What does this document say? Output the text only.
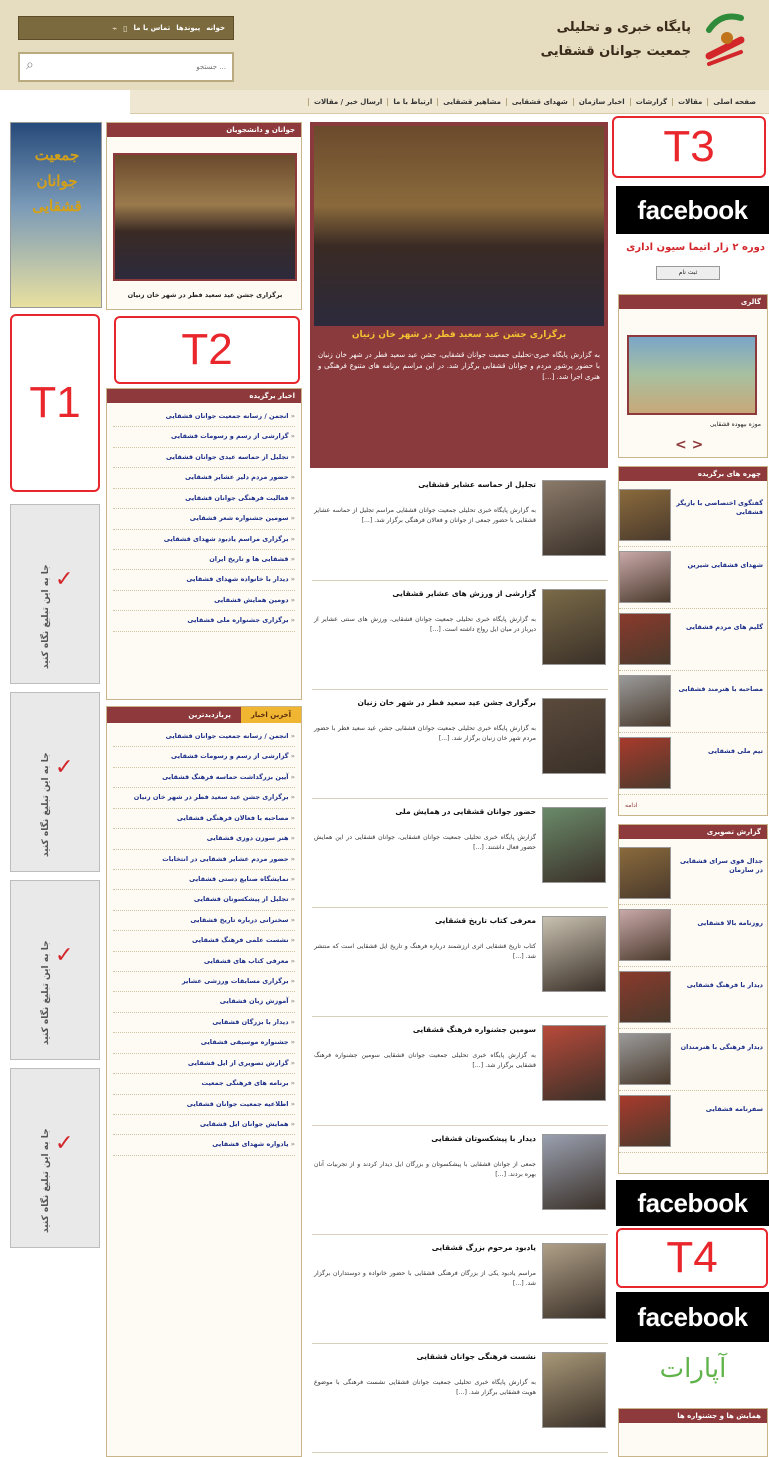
پایگاه خبری و تحلیلی
جمعیت جوانان قشقایی
خوانه
پیوندها
تماس با ما
▯
⌁
⌕
جستجو ...
صفحه اصلی
مقالات
گزارشات
اخبار سازمان
شهدای قشقایی
مشاهیر قشقایی
ارتباط با ما
ارسال خبر / مقالات
جمعیت جوانان قشقایی
T1
جا به این تبلیغ نگاه کنید ✓
جا به این تبلیغ نگاه کنید ✓
جا به این تبلیغ نگاه کنید ✓
جا به این تبلیغ نگاه کنید ✓
جوانان و دانشجویان
برگزاری جشن عید سعید فطر در شهر خان زنیان
T2
اخبار برگزیده
« انجمن / رسانه جمعیت جوانان قشقایی
« گزارشی از رسم و رسومات قشقایی
« تجلیل از حماسه عیدی جوانان قشقایی
« حضور مردم دلیر عشایر قشقایی
« فعالیت فرهنگی جوانان قشقایی
« سومین جشنواره شعر قشقایی
« برگزاری مراسم یادبود شهدای قشقایی
« قشقایی ها و تاریخ ایران
« دیدار با خانواده شهدای قشقایی
« دومین همایش قشقایی
« برگزاری جشنواره ملی قشقایی
آخرین اخبار
پربازدیدترین
« انجمن / رسانه جمعیت جوانان قشقایی
« گزارشی از رسم و رسومات قشقایی
« آیین بزرگداشت حماسه فرهنگ قشقایی
« برگزاری جشن عید سعید فطر در شهر خان زنیان
« مصاحبه با فعالان فرهنگی قشقایی
« هنر سوزن دوزی قشقایی
« حضور مردم عشایر قشقایی در انتخابات
« نمایشگاه صنایع دستی قشقایی
« تجلیل از پیشکسوتان قشقایی
« سخنرانی درباره تاریخ قشقایی
« نشست علمی فرهنگ قشقایی
« معرفی کتاب های قشقایی
« برگزاری مسابقات ورزشی عشایر
« آموزش زبان قشقایی
« دیدار با بزرگان قشقایی
« جشنواره موسیقی قشقایی
« گزارش تصویری از ایل قشقایی
« برنامه های فرهنگی جمعیت
« اطلاعیه جمعیت جوانان قشقایی
« همایش جوانان ایل قشقایی
« یادواره شهدای قشقایی
برگزاری جشن عید سعید فطر در شهر خان زنیان
به گزارش پایگاه خبری-تحلیلی جمعیت جوانان قشقایی، جشن عید سعید فطر در شهر خان زنیان با حضور پرشور مردم و جوانان قشقایی برگزار شد. در این مراسم برنامه های متنوع فرهنگی و هنری اجرا شد. [...]
تجلیل از حماسه عشایر قشقایی
به گزارش پایگاه خبری تحلیلی جمعیت جوانان قشقایی مراسم تجلیل از حماسه عشایر قشقایی با حضور جمعی از جوانان و فعالان فرهنگی برگزار شد. [...]
گزارشی از ورزش های عشایر قشقایی
به گزارش پایگاه خبری تحلیلی جمعیت جوانان قشقایی، ورزش های سنتی عشایر از دیرباز در میان ایل رواج داشته است. [...]
برگزاری جشن عید سعید فطر در شهر خان زنیان
به گزارش پایگاه خبری تحلیلی جمعیت جوانان قشقایی جشن عید سعید فطر با حضور مردم شهر خان زنیان برگزار شد. [...]
حضور جوانان قشقایی در همایش ملی
گزارش پایگاه خبری تحلیلی جمعیت جوانان قشقایی، جوانان قشقایی در این همایش حضور فعال داشتند. [...]
معرفی کتاب تاریخ قشقایی
کتاب تاریخ قشقایی اثری ارزشمند درباره فرهنگ و تاریخ ایل قشقایی است که منتشر شد. [...]
سومین جشنواره فرهنگ قشقایی
به گزارش پایگاه خبری تحلیلی جمعیت جوانان قشقایی سومین جشنواره فرهنگ قشقایی برگزار شد. [...]
دیدار با پیشکسوتان قشقایی
جمعی از جوانان قشقایی با پیشکسوتان و بزرگان ایل دیدار کردند و از تجربیات آنان بهره بردند. [...]
یادبود مرحوم بزرگ قشقایی
مراسم یادبود یکی از بزرگان فرهنگی قشقایی با حضور خانواده و دوستداران برگزار شد. [...]
نشست فرهنگی جوانان قشقایی
به گزارش پایگاه خبری تحلیلی جمعیت جوانان قشقایی نشست فرهنگی با موضوع هویت قشقایی برگزار شد. [...]
T3
facebook
دوره ۲ زار آتیما سیون اداری
ثبت نام
گالری
موزه بیهوده قشقایی
< >
چهره های برگزیده
گفتگوی اختصاصی با بازیگر قشقایی
شهدای قشقایی شیرین
گلیم های مردم قشقایی
مصاحبه با هنرمند قشقایی
تیم ملی قشقایی
ادامه
گزارش تصویری
جدال قوی سرای قشقایی در سازمان
روزنامه بالا قشقایی
دیدار با فرهنگ قشقایی
دیدار فرهنگی با هنرمندان
سفرنامه قشقایی
facebook
T4
facebook
آپارات
همایش ها و جشنواره ها
